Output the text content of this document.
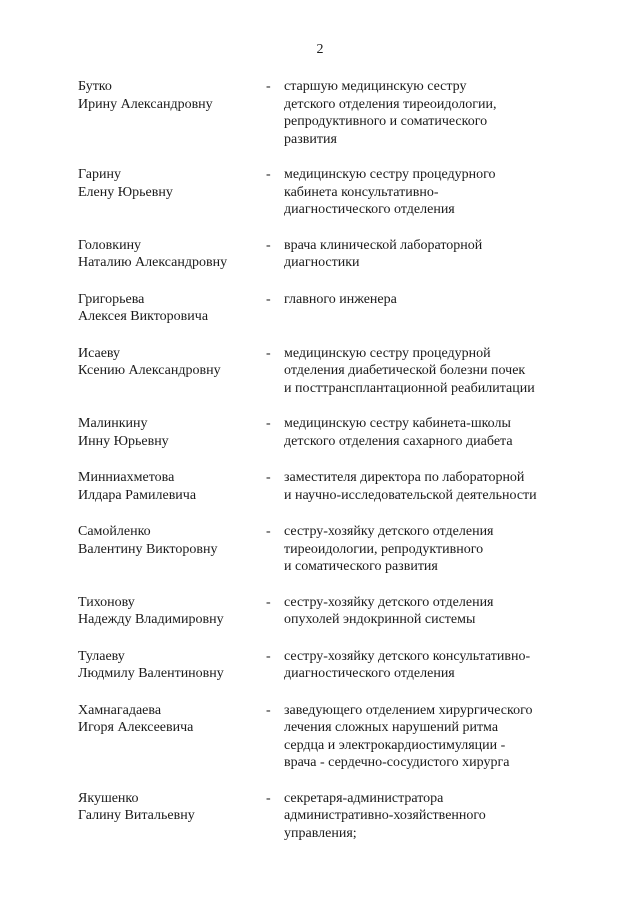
2
Бутко
Ирину Александровну
- старшую медицинскую сестру
детского отделения тиреоидологии,
репродуктивного и соматического
развития
Гарину
Елену Юрьевну
- медицинскую сестру процедурного
кабинета консультативно-
диагностического отделения
Головкину
Наталию Александровну
- врача клинической лабораторной
диагностики
Григорьева
Алексея Викторовича
- главного инженера
Исаеву
Ксению Александровну
- медицинскую сестру процедурной
отделения диабетической болезни почек
и посттрансплантационной реабилитации
Малинкину
Инну Юрьевну
- медицинскую сестру кабинета-школы
детского отделения сахарного диабета
Минниахметова
Илдара Рамилевича
- заместителя директора по лабораторной
и научно-исследовательской деятельности
Самойленко
Валентину Викторовну
- сестру-хозяйку детского отделения
тиреоидологии, репродуктивного
и соматического развития
Тихонову
Надежду Владимировну
- сестру-хозяйку детского отделения
опухолей эндокринной системы
Тулаеву
Людмилу Валентиновну
- сестру-хозяйку детского консультативно-
диагностического отделения
Хамнагадаева
Игоря Алексеевича
- заведующего отделением хирургического
лечения сложных нарушений ритма
сердца и электрокардиостимуляции -
врача - сердечно-сосудистого хирурга
Якушенко
Галину Витальевну
- секретаря-администратора
административно-хозяйственного
управления;
